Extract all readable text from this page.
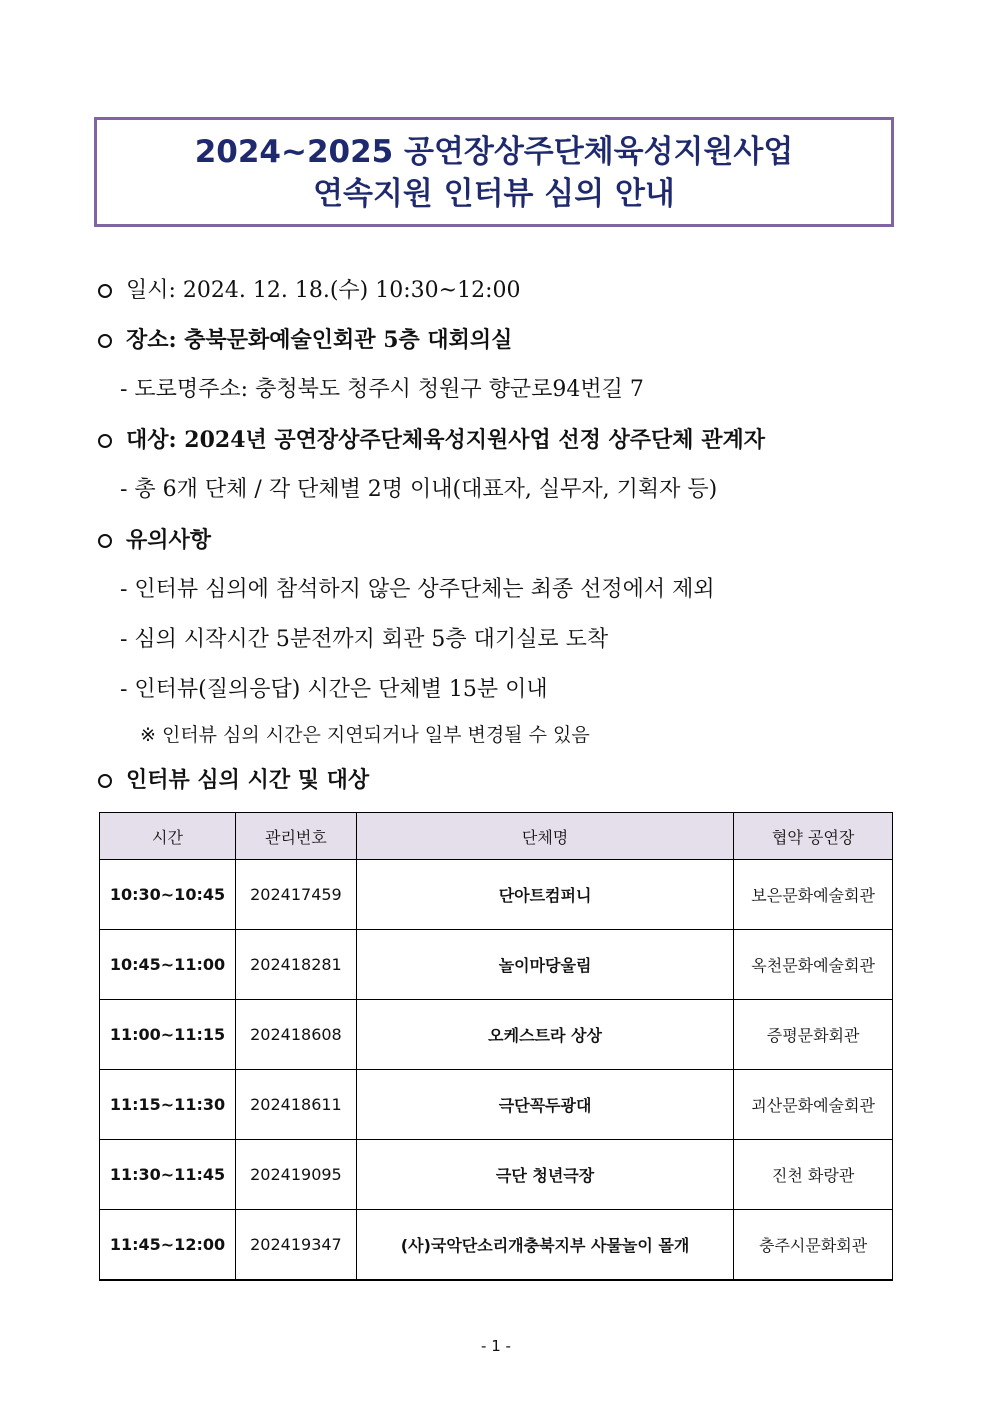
2024~2025 공연장상주단체육성지원사업
연속지원 인터뷰 심의 안내
일시: 2024. 12. 18.(수) 10:30~12:00
장소: 충북문화예술인회관 5층 대회의실
- 도로명주소: 충청북도 청주시 청원구 향군로94번길 7
대상: 2024년 공연장상주단체육성지원사업 선정 상주단체 관계자
- 총 6개 단체 / 각 단체별 2명 이내(대표자, 실무자, 기획자 등)
유의사항
- 인터뷰 심의에 참석하지 않은 상주단체는 최종 선정에서 제외
- 심의 시작시간 5분전까지 회관 5층 대기실로 도착
- 인터뷰(질의응답) 시간은 단체별 15분 이내
※ 인터뷰 심의 시간은 지연되거나 일부 변경될 수 있음
인터뷰 심의 시간 및 대상
시간	관리번호	단체명	협약 공연장
10:30~10:45	202417459	단아트컴퍼니	보은문화예술회관
10:45~11:00	202418281	놀이마당울림	옥천문화예술회관
11:00~11:15	202418608	오케스트라 상상	증평문화회관
11:15~11:30	202418611	극단꼭두광대	괴산문화예술회관
11:30~11:45	202419095	극단 청년극장	진천 화랑관
11:45~12:00	202419347	(사)국악단소리개충북지부 사물놀이 몰개	충주시문화회관
- 1 -
